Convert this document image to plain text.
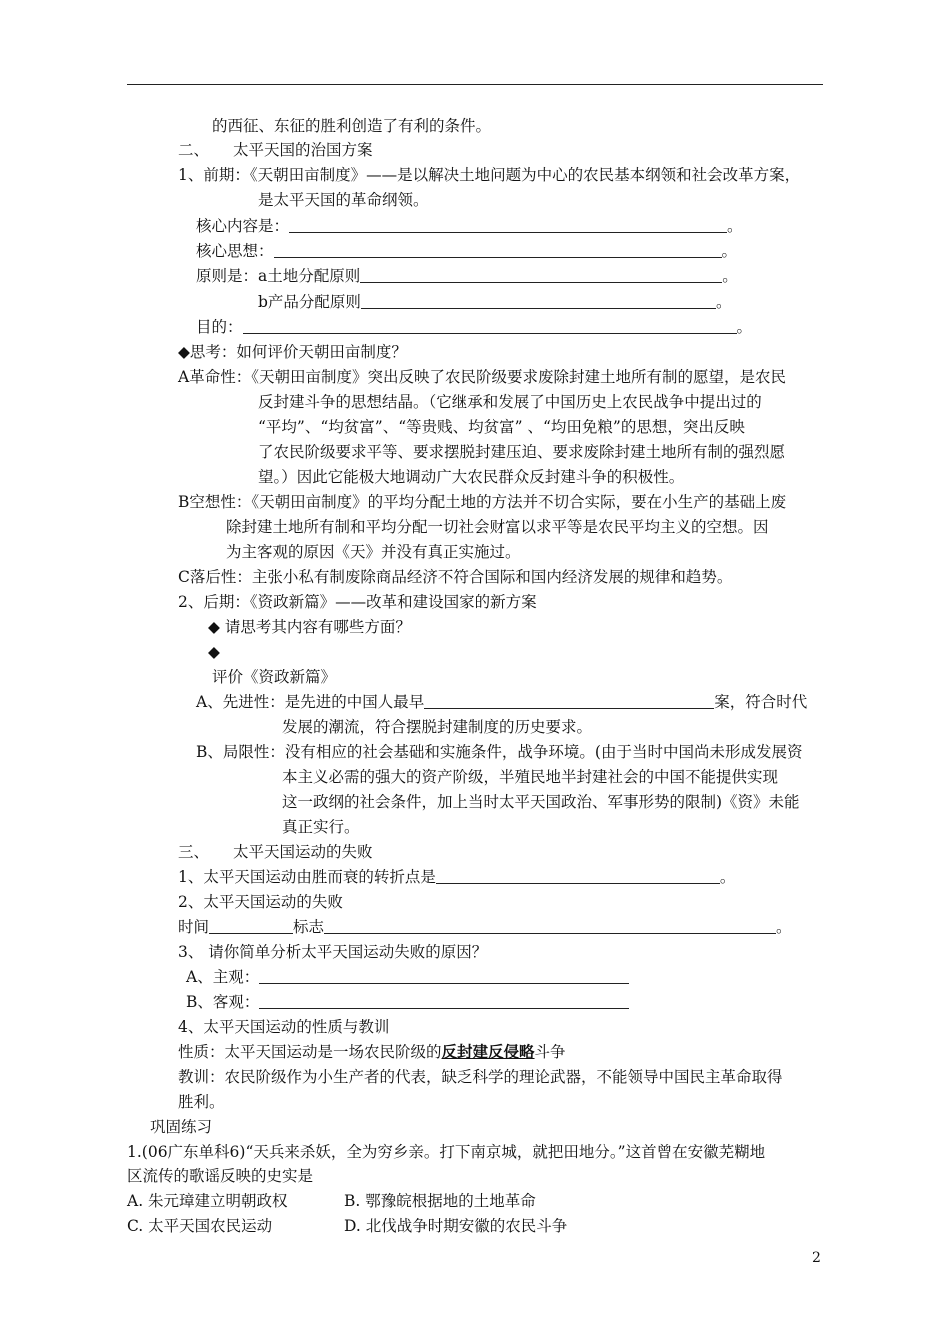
的西征、东征的胜利创造了有利的条件。
二、 太平天国的治国方案
1、前期：《天朝田亩制度》——是以解决土地问题为中心的农民基本纲领和社会改革方案，
是太平天国的革命纲领。
核心内容是：	。
核心思想：	。
原则是：a土地分配原则	。
b产品分配原则	。
目的：	。
◆思考：如何评价天朝田亩制度？
A革命性：《天朝田亩制度》突出反映了农民阶级要求废除封建土地所有制的愿望，是农民
反封建斗争的思想结晶。（它继承和发展了中国历史上农民战争中提出过的
“平均”、“均贫富”、“等贵贱、均贫富” 、“均田免粮”的思想，突出反映
了农民阶级要求平等、要求摆脱封建压迫、要求废除封建土地所有制的强烈愿
望。）因此它能极大地调动广大农民群众反封建斗争的积极性。
B空想性：《天朝田亩制度》的平均分配土地的方法并不切合实际，要在小生产的基础上废
除封建土地所有制和平均分配一切社会财富以求平等是农民平均主义的空想。因
为主客观的原因《天》并没有真正实施过。
C落后性：主张小私有制废除商品经济不符合国际和国内经济发展的规律和趋势。
2、后期：《资政新篇》——改革和建设国家的新方案
◆ 请思考其内容有哪些方面？
◆
评价《资政新篇》
A、先进性：是先进的中国人最早	案，符合时代
发展的潮流，符合摆脱封建制度的历史要求。
B、局限性：没有相应的社会基础和实施条件，战争环境。(由于当时中国尚未形成发展资
本主义必需的强大的资产阶级，半殖民地半封建社会的中国不能提供实现
这一政纲的社会条件，加上当时太平天国政治、军事形势的限制)《资》未能
真正实行。
三、 太平天国运动的失败
1、太平天国运动由胜而衰的转折点是	。
2、太平天国运动的失败
时间	标志	。
3、 请你简单分析太平天国运动失败的原因？
A、主观：
B、客观：
4、太平天国运动的性质与教训
性质：太平天国运动是一场农民阶级的反封建反侵略斗争
教训：农民阶级作为小生产者的代表，缺乏科学的理论武器，不能领导中国民主革命取得
胜利。
巩固练习
1.(06广东单科6)“天兵来杀妖，全为穷乡亲。打下南京城，就把田地分。”这首曾在安徽芜糊地
区流传的歌谣反映的史实是
A. 朱元璋建立明朝政权	B. 鄂豫皖根据地的土地革命
C. 太平天国农民运动	D. 北伐战争时期安徽的农民斗争
2
